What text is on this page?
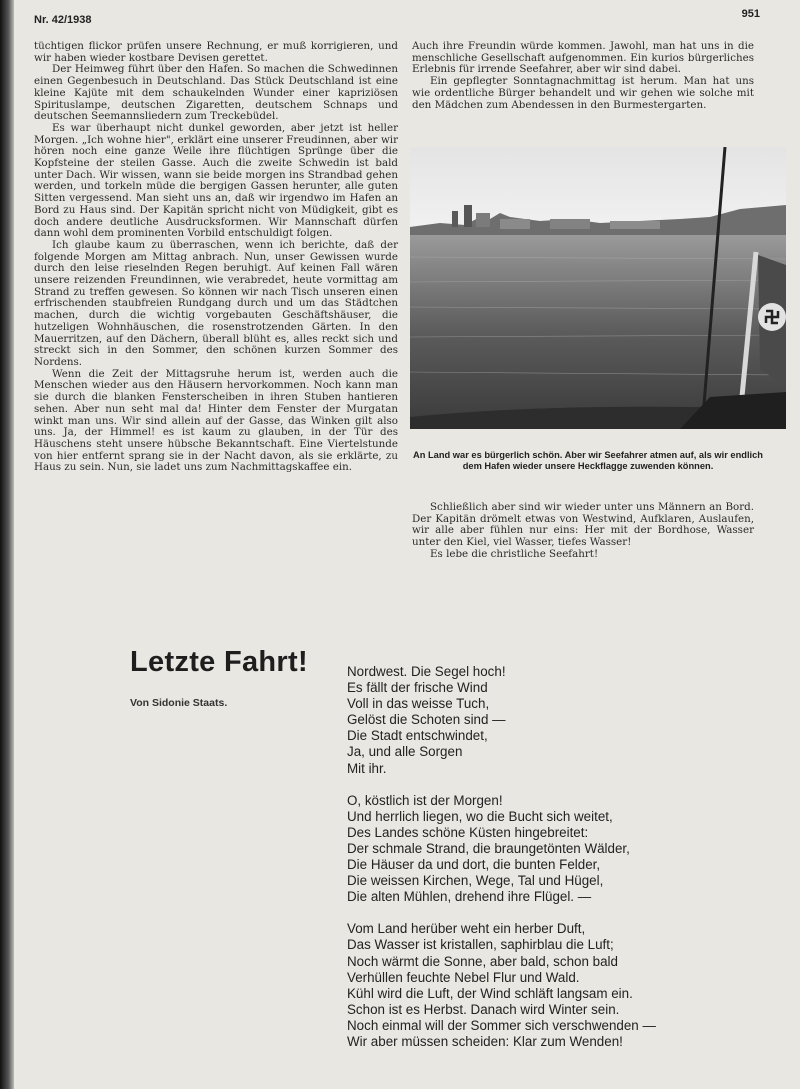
Nr. 42/1938	951

tüchtigen flickor prüfen unsere Rechnung, er muß korrigieren, und wir haben wieder kostbare Devisen gerettet.

Der Heimweg führt über den Hafen. So machen die Schwedinnen einen Gegenbesuch in Deutschland. Das Stück Deutschland ist eine kleine Kajüte mit dem schaukelnden Wunder einer kapriziösen Spirituslampe, deutschen Zigaretten, deutschem Schnaps und deutschen Seemannsliedern zum Treckebüdel.

Es war überhaupt nicht dunkel geworden, aber jetzt ist heller Morgen. „Ich wohne hier", erklärt eine unserer Freudinnen, aber wir hören noch eine ganze Weile ihre flüchtigen Sprünge über die Kopfsteine der steilen Gasse. Auch die zweite Schwedin ist bald unter Dach. Wir wissen, wann sie beide morgen ins Strandbad gehen werden, und torkeln müde die bergigen Gassen herunter, alle guten Sitten vergessend. Man sieht uns an, daß wir irgendwo im Hafen an Bord zu Haus sind. Der Kapitän spricht nicht von Müdigkeit, gibt es doch andere deutliche Ausdrucksformen. Wir Mannschaft dürfen dann wohl dem prominenten Vorbild entschuldigt folgen.

Ich glaube kaum zu überraschen, wenn ich berichte, daß der folgende Morgen am Mittag anbrach. Nun, unser Gewissen wurde durch den leise rieselnden Regen beruhigt. Auf keinen Fall wären unsere reizenden Freundinnen, wie verabredet, heute vormittag am Strand zu treffen gewesen. So können wir nach Tisch unseren einen erfrischenden staubfreien Rundgang durch und um das Städtchen machen, durch die wichtig vorgebauten Geschäftshäuser, die hutzeligen Wohnhäuschen, die rosenstrotzenden Gärten. In den Mauerritzen, auf den Dächern, überall blüht es, alles reckt sich und streckt sich in den Sommer, den schönen kurzen Sommer des Nordens.

Wenn die Zeit der Mittagsruhe herum ist, werden auch die Menschen wieder aus den Häusern hervorkommen. Noch kann man sie durch die blanken Fensterscheiben in ihren Stuben hantieren sehen. Aber nun seht mal da! Hinter dem Fenster der Murgatan winkt man uns. Wir sind allein auf der Gasse, das Winken gilt also uns. Ja, der Himmel! es ist kaum zu glauben, in der Tür des Häuschens steht unsere hübsche Bekanntschaft. Eine Viertelstunde von hier entfernt sprang sie in der Nacht davon, als sie erklärte, zu Haus zu sein. Nun, sie ladet uns zum Nachmittagskaffee ein.

Auch ihre Freundin würde kommen. Jawohl, man hat uns in die menschliche Gesellschaft aufgenommen. Ein kurios bürgerliches Erlebnis für irrende Seefahrer, aber wir sind dabei.

Ein gepflegter Sonntagnachmittag ist herum. Man hat uns wie ordentliche Bürger behandelt und wir gehen wie solche mit den Mädchen zum Abendessen in den Burmestergarten.

An Land war es bürgerlich schön. Aber wir Seefahrer atmen auf, als wir endlich dem Hafen wieder unsere Heckflagge zuwenden können.

Schließlich aber sind wir wieder unter uns Männern an Bord. Der Kapitän drömelt etwas von Westwind, Aufklaren, Auslaufen, wir alle aber fühlen nur eins: Her mit der Bordhose, Wasser unter den Kiel, viel Wasser, tiefes Wasser!

Es lebe die christliche Seefahrt!

Letzte Fahrt!
Von Sidonie Staats.
Nordwest. Die Segel hoch!
Es fällt der frische Wind
Voll in das weisse Tuch,
Gelöst die Schoten sind —
Die Stadt entschwindet,
Ja, und alle Sorgen
Mit ihr.
O, köstlich ist der Morgen!
Und herrlich liegen, wo die Bucht sich weitet,
Des Landes schöne Küsten hingebreitet:
Der schmale Strand, die braungetönten Wälder,
Die Häuser da und dort, die bunten Felder,
Die weissen Kirchen, Wege, Tal und Hügel,
Die alten Mühlen, drehend ihre Flügel. —
Vom Land herüber weht ein herber Duft,
Das Wasser ist kristallen, saphirblau die Luft;
Noch wärmt die Sonne, aber bald, schon bald
Verhüllen feuchte Nebel Flur und Wald.
Kühl wird die Luft, der Wind schläft langsam ein.
Schon ist es Herbst. Danach wird Winter sein.
Noch einmal will der Sommer sich verschwenden —
Wir aber müssen scheiden: Klar zum Wenden!
